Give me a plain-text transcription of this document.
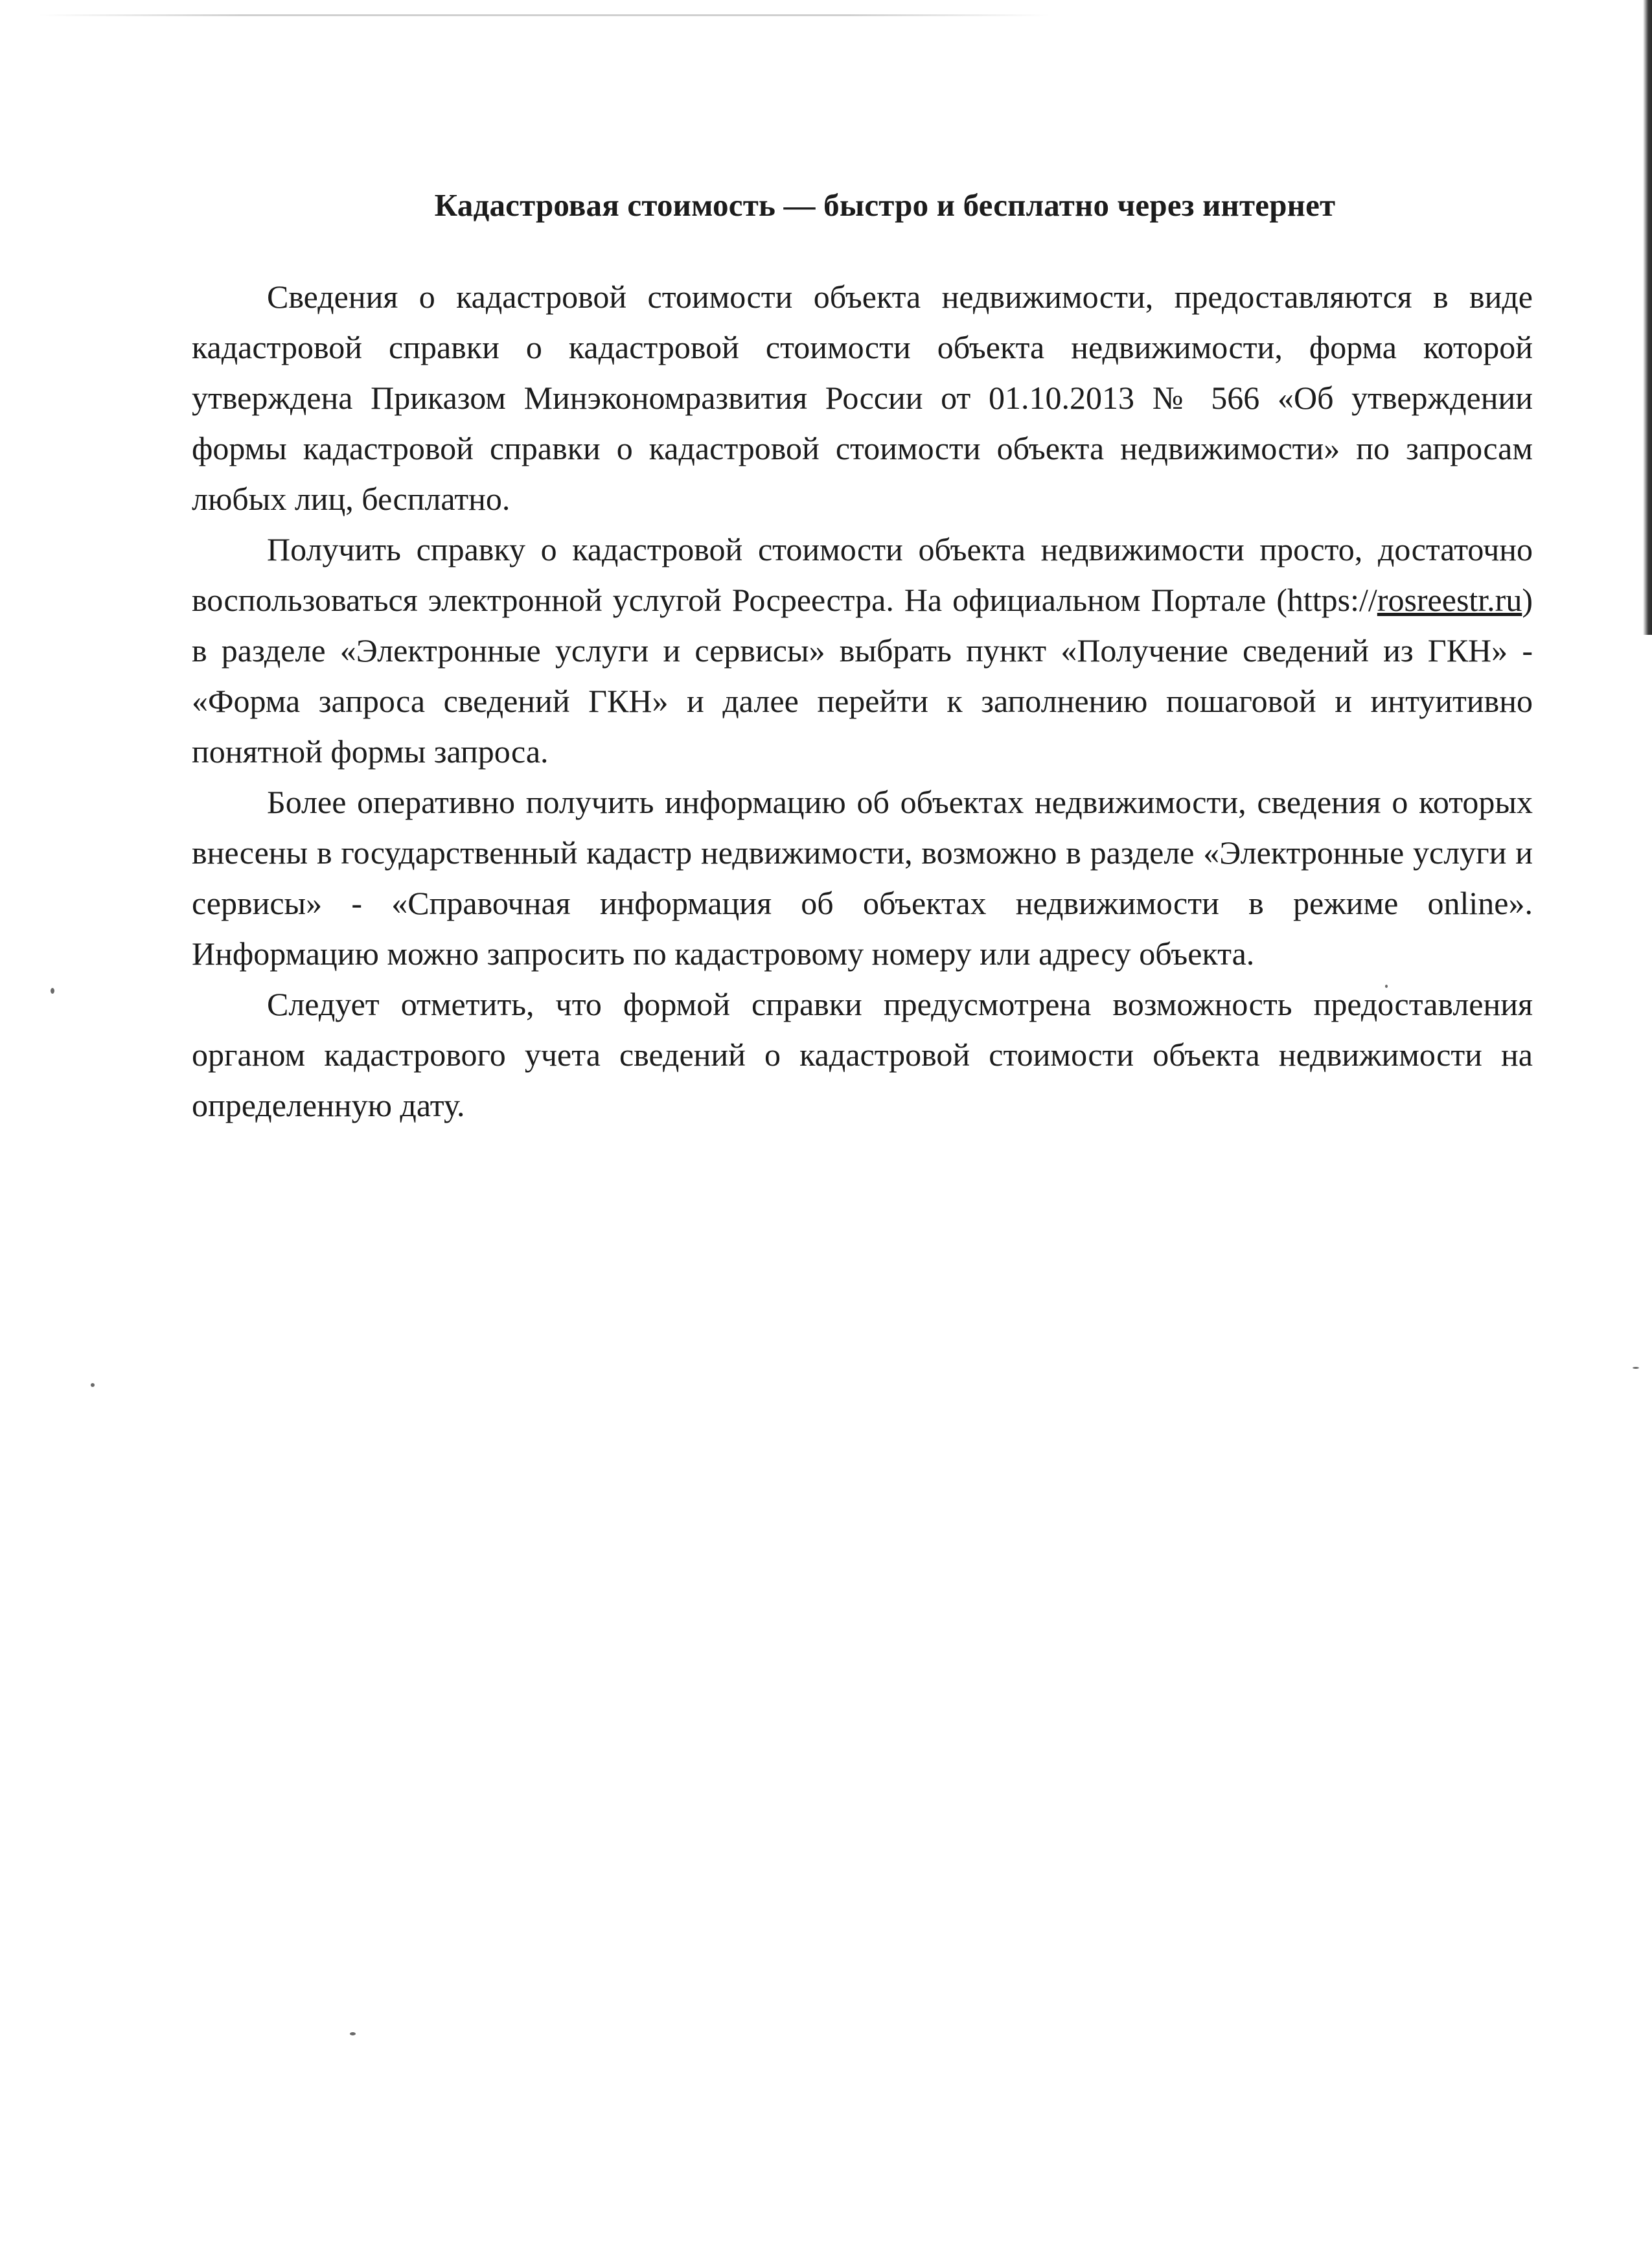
Кадастровая стоимость — быстро и бесплатно через интернет

Сведения о кадастровой стоимости объекта недвижимости, предоставляются в виде кадастровой справки о кадастровой стоимости объекта недвижимости, форма которой утверждена Приказом Минэкономразвития России от 01.10.2013 № 566 «Об утверждении формы кадастровой справки о кадастровой стоимости объекта недвижимости» по запросам любых лиц, бесплатно.

Получить справку о кадастровой стоимости объекта недвижимости просто, достаточно воспользоваться электронной услугой Росреестра. На официальном Портале (https://rosreestr.ru) в разделе «Электронные услуги и сервисы» выбрать пункт «Получение сведений из ГКН» - «Форма запроса сведений ГКН» и далее перейти к заполнению пошаговой и интуитивно понятной формы запроса.

Более оперативно получить информацию об объектах недвижимости, сведения о которых внесены в государственный кадастр недвижимости, возможно в разделе «Электронные услуги и сервисы» - «Справочная информация об объектах недвижимости в режиме online». Информацию можно запросить по кадастровому номеру или адресу объекта.

Следует отметить, что формой справки предусмотрена возможность предоставления органом кадастрового учета сведений о кадастровой стоимости объекта недвижимости на определенную дату.
